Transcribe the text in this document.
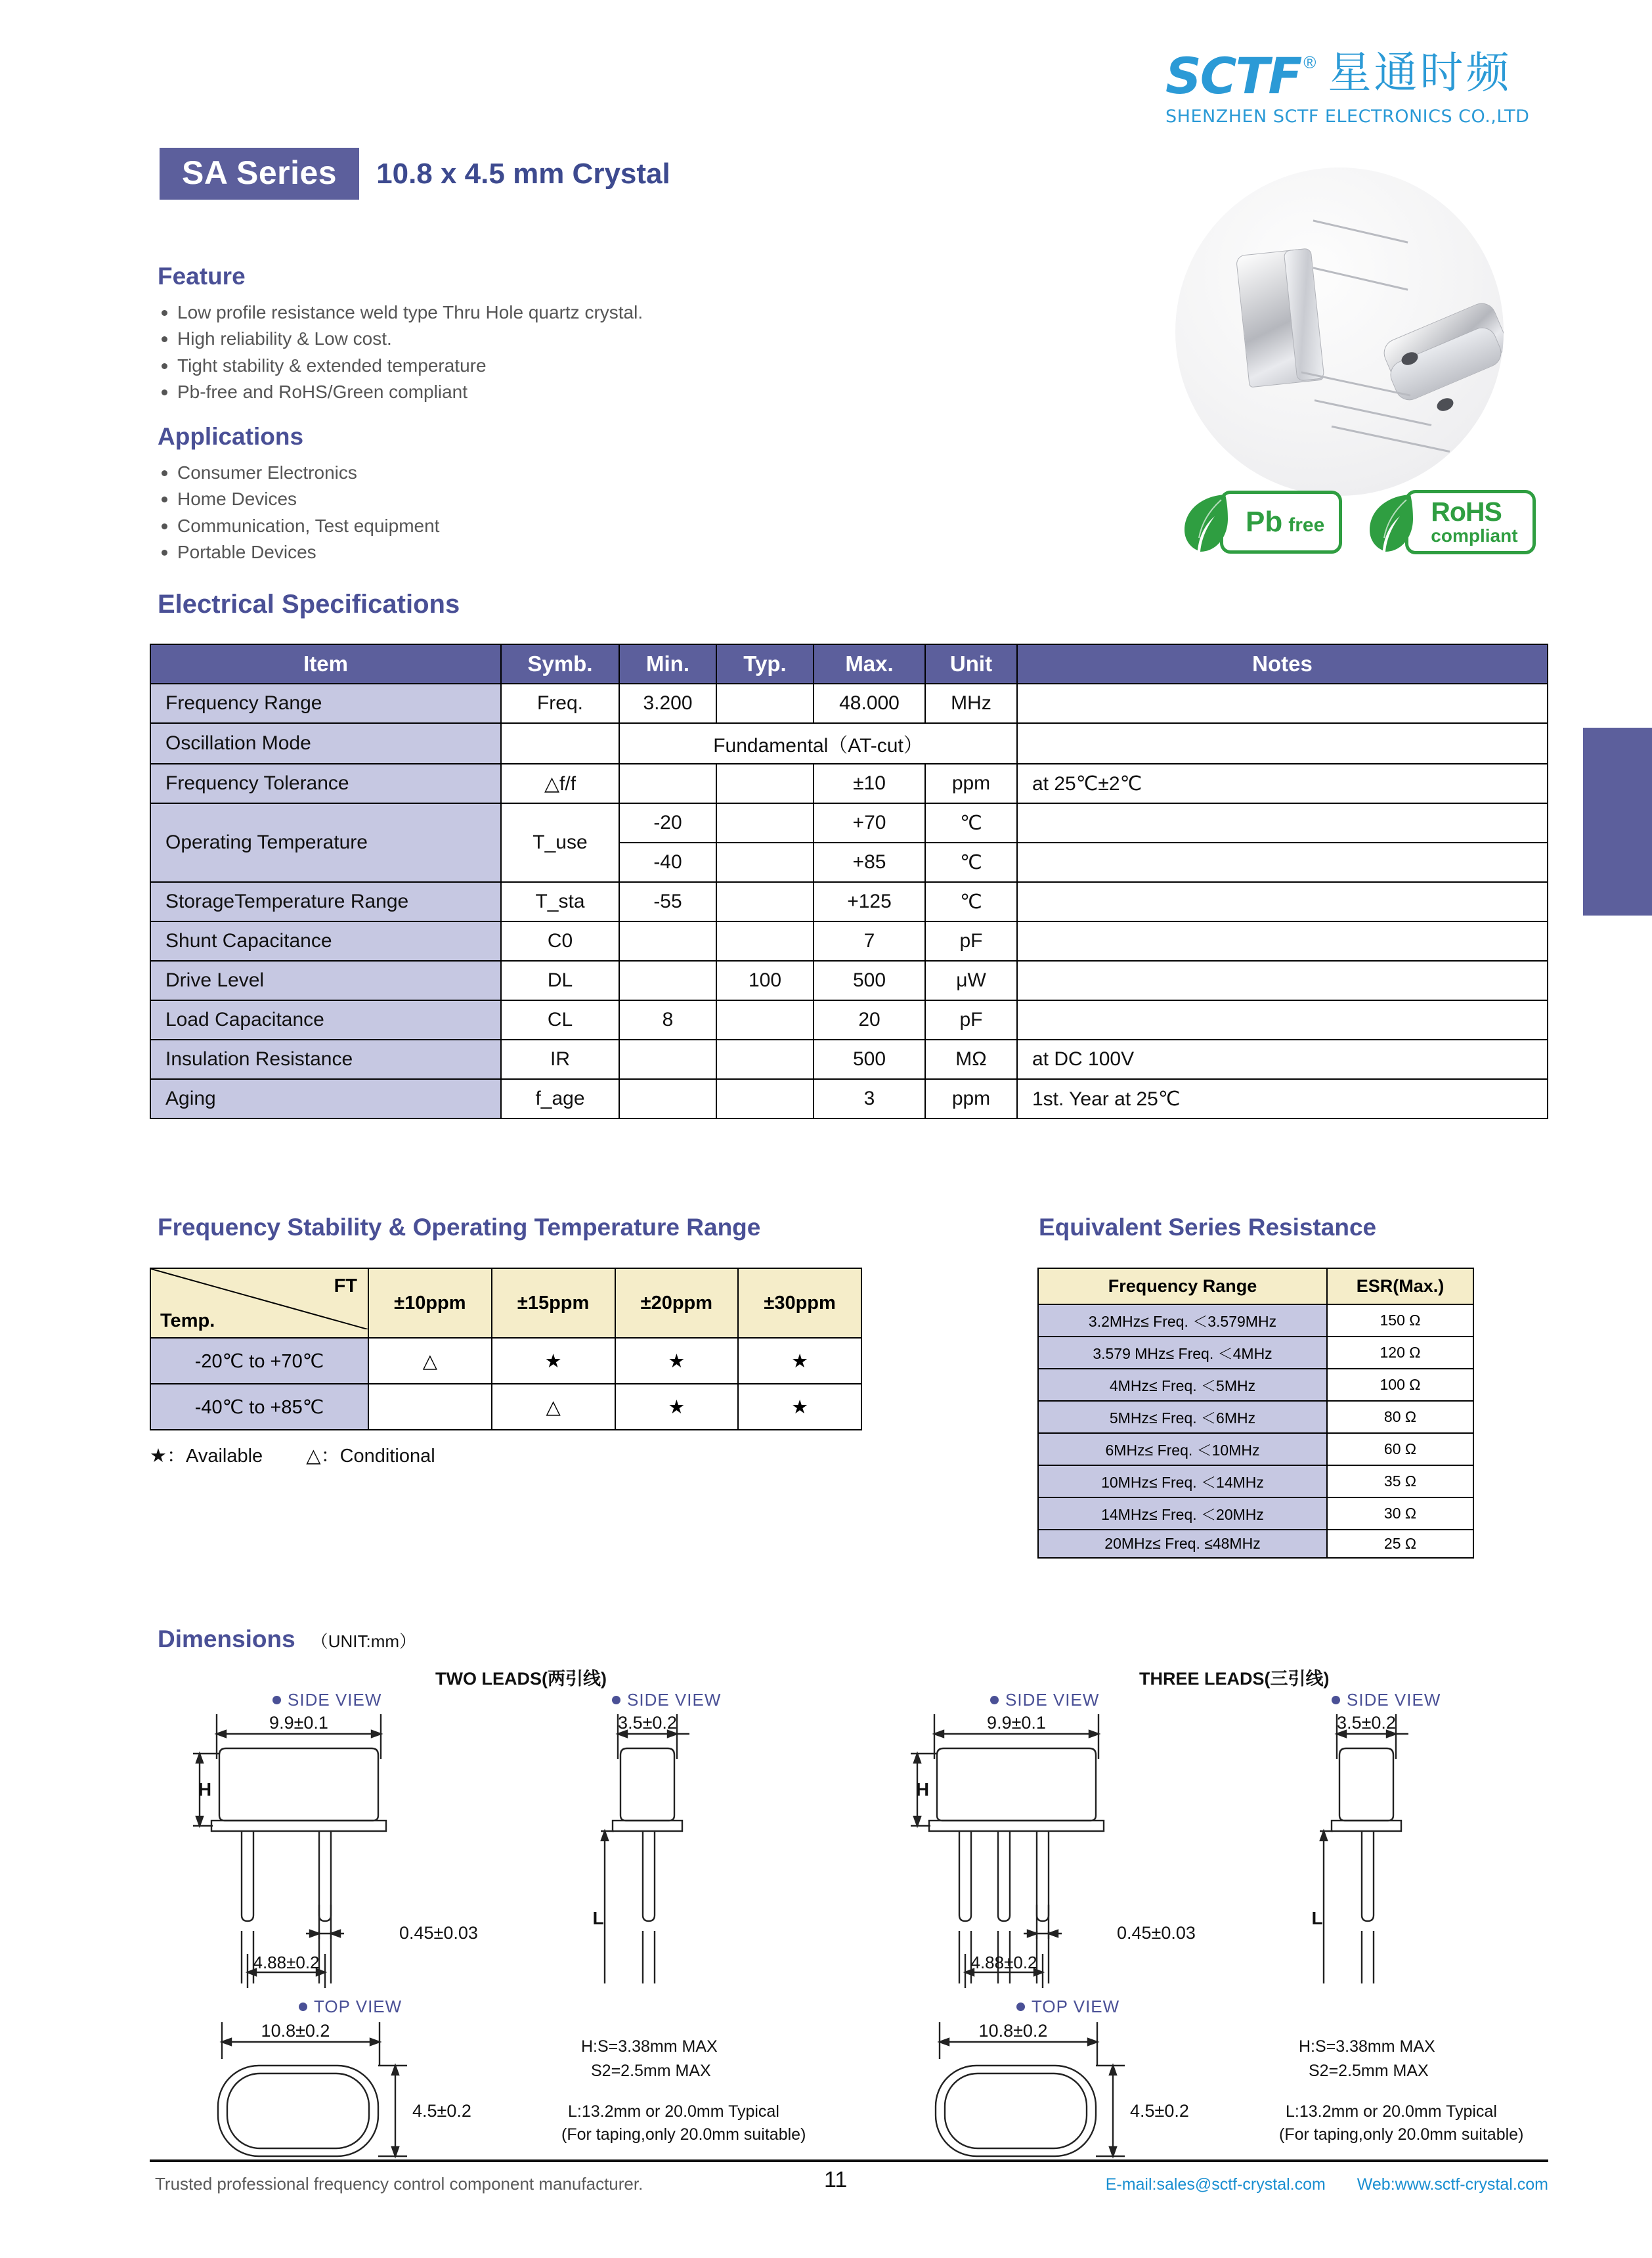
SCTF ® 星通时频
SHENZHEN SCTF ELECTRONICS CO.,LTD
Pb free	RoHS
compliant
SA Series	10.8 x 4.5 mm Crystal
Feature
Low profile resistance weld type Thru Hole quartz crystal.
High reliability & Low cost.
Tight stability & extended temperature
Pb-free and RoHS/Green compliant
Applications
Consumer Electronics
Home Devices
Communication, Test equipment
Portable Devices
Electrical Specifications
Item	Symb.	Min.	Typ.	Max.	Unit	Notes
Frequency Range	Freq.	3.200		48.000	MHz	
Oscillation Mode		Fundamental（AT-cut）				
Frequency Tolerance	△f/f			±10	ppm	at 25℃±2℃
Operating Temperature	T_use	-20		+70	℃	
		-40		+85	℃	
StorageTemperature Range	T_sta	-55		+125	℃	
Shunt Capacitance	C0			7	pF	
Drive Level	DL		100	500	μW	
Load Capacitance	CL	8		20	pF	
Insulation Resistance	IR			500	MΩ	at DC 100V
Aging	f_age			3	ppm	1st. Year at 25℃
Frequency Stability & Operating Temperature Range
FT
Temp.	±10ppm	±15ppm	±20ppm	±30ppm
-20℃ to +70℃	△	★	★	★
-40℃ to +85℃		△	★	★
★：Available △：Conditional
Equivalent Series Resistance
Frequency Range	ESR(Max.)
3.2MHz≤ Freq. ＜3.579MHz	150 Ω
3.579 MHz≤ Freq. ＜4MHz	120 Ω
4MHz≤ Freq. ＜5MHz	100 Ω
5MHz≤ Freq. ＜6MHz	80 Ω
6MHz≤ Freq. ＜10MHz	60 Ω
10MHz≤ Freq. ＜14MHz	35 Ω
14MHz≤ Freq. ＜20MHz	30 Ω
20MHz≤ Freq. ≤48MHz	25 Ω
Dimensions （UNIT:mm）
TWO LEADS(两引线)
SIDE VIEW	SIDE VIEW
TOP VIEW
9.9±0.1
H
0.45±0.03
3.5±0.2
L
4.88±0.2
10.8±0.2
4.5±0.2
H:S=3.38mm MAX
S2=2.5mm MAX
L:13.2mm or 20.0mm Typical
(For taping,only 20.0mm suitable)
THREE LEADS(三引线)
SIDE VIEW	SIDE VIEW
TOP VIEW
9.9±0.1
H
0.45±0.03
3.5±0.2
L
4.88±0.2
10.8±0.2
4.5±0.2
H:S=3.38mm MAX
S2=2.5mm MAX
L:13.2mm or 20.0mm Typical
(For taping,only 20.0mm suitable)
Trusted professional frequency control component manufacturer.	11	E-mail:sales@sctf-crystal.com Web:www.sctf-crystal.com
